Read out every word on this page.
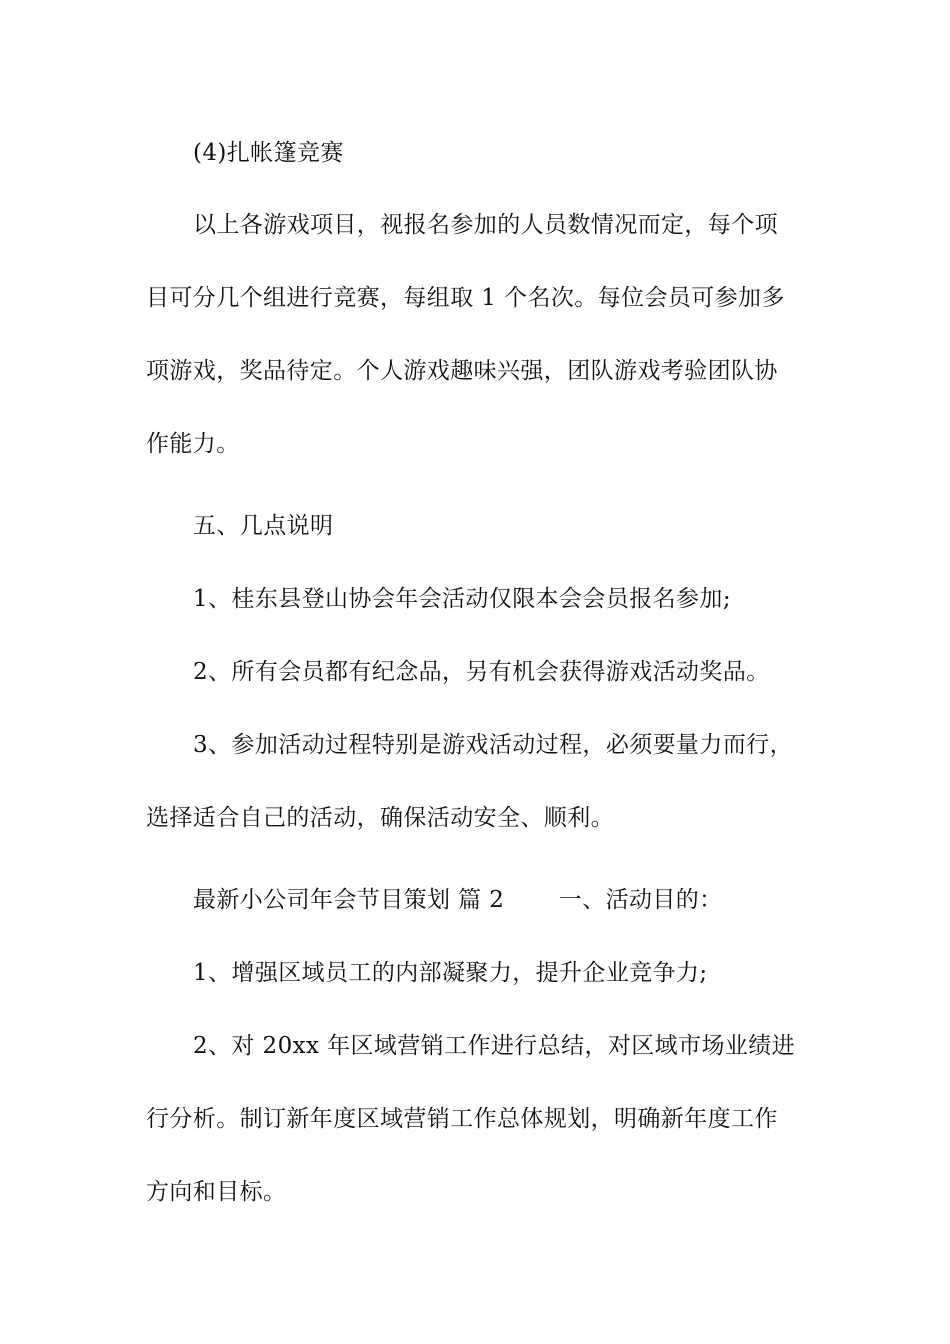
(4)扎帐篷竞赛

以上各游戏项目，视报名参加的人员数情况而定，每个项

目可分几个组进行竞赛，每组取 1 个名次。每位会员可参加多

项游戏，奖品待定。个人游戏趣味兴强，团队游戏考验团队协

作能力。

五、几点说明

1、桂东县登山协会年会活动仅限本会会员报名参加;

2、所有会员都有纪念品，另有机会获得游戏活动奖品。

3、参加活动过程特别是游戏活动过程，必须要量力而行，

选择适合自己的活动，确保活动安全、顺利。

最新小公司年会节目策划 篇 2　　 一、活动目的：

1、增强区域员工的内部凝聚力，提升企业竞争力;

2、对 20xx 年区域营销工作进行总结，对区域市场业绩进

行分析。制订新年度区域营销工作总体规划，明确新年度工作

方向和目标。
